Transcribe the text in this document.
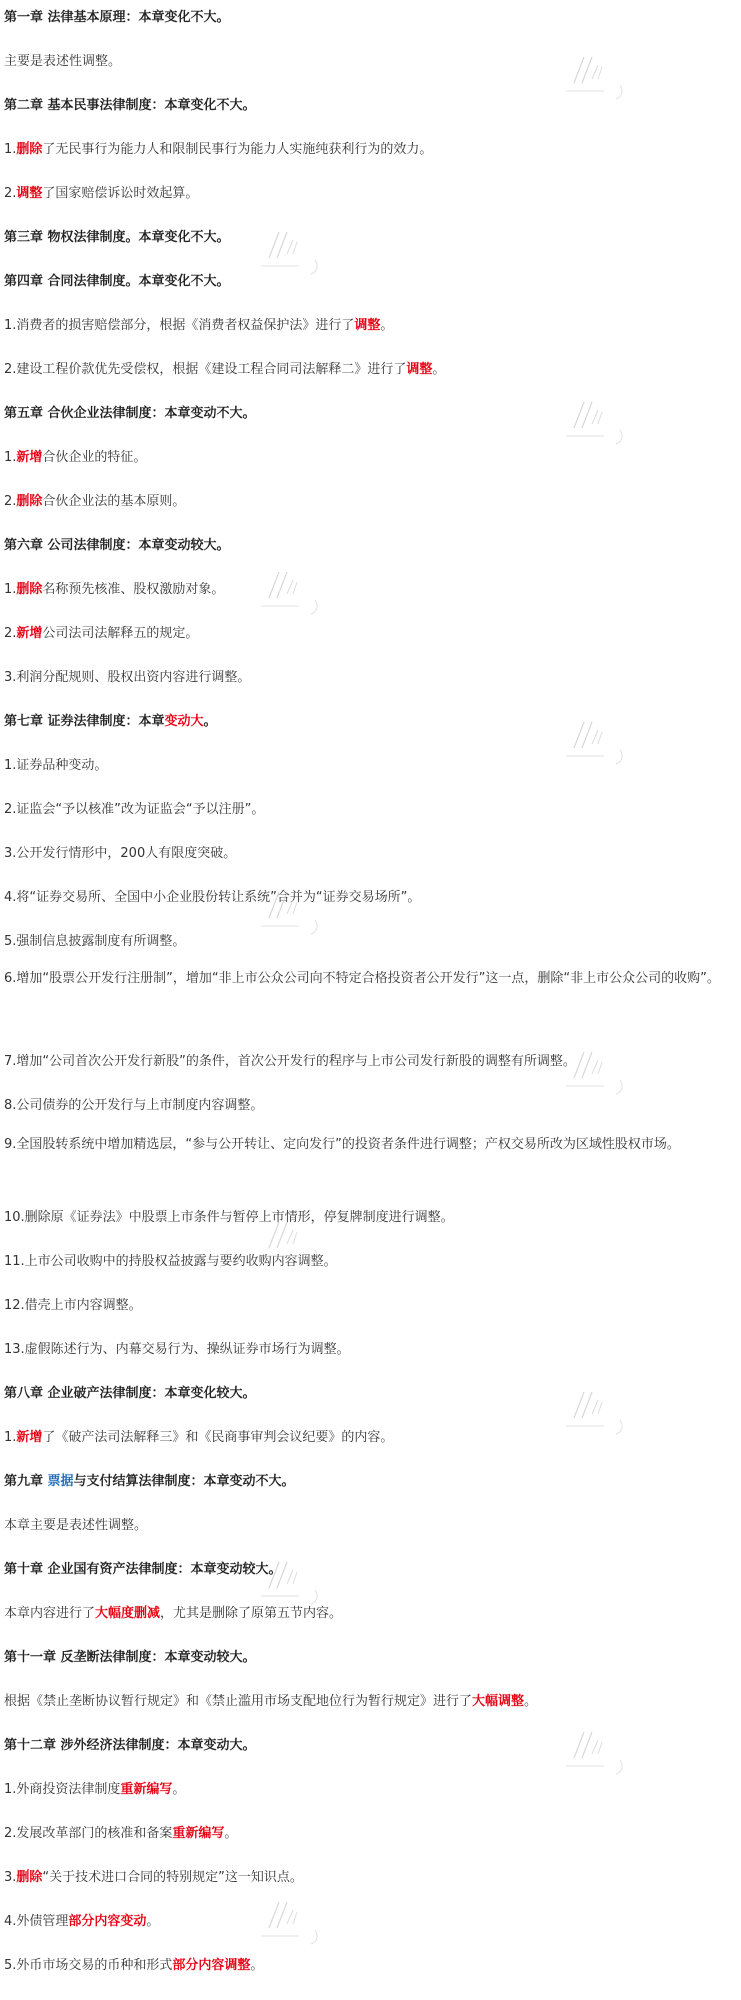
第一章 法律基本原理：本章变化不大。
主要是表述性调整。
第二章 基本民事法律制度：本章变化不大。
1.删除了无民事行为能力人和限制民事行为能力人实施纯获利行为的效力。
2.调整了国家赔偿诉讼时效起算。
第三章 物权法律制度。本章变化不大。
第四章 合同法律制度。本章变化不大。
1.消费者的损害赔偿部分，根据《消费者权益保护法》进行了调整。
2.建设工程价款优先受偿权，根据《建设工程合同司法解释二》进行了调整。
第五章 合伙企业法律制度：本章变动不大。
1.新增合伙企业的特征。
2.删除合伙企业法的基本原则。
第六章 公司法律制度：本章变动较大。
1.删除名称预先核准、股权激励对象。
2.新增公司法司法解释五的规定。
3.利润分配规则、股权出资内容进行调整。
第七章 证券法律制度：本章变动大。
1.证券品种变动。
2.证监会“予以核准”改为证监会“予以注册”。
3.公开发行情形中，200人有限度突破。
4.将“证券交易所、全国中小企业股份转让系统”合并为“证券交易场所”。
5.强制信息披露制度有所调整。
6.增加“股票公开发行注册制”，增加“非上市公众公司向不特定合格投资者公开发行”这一点，删除“非上市公众公司的收购”。
7.增加“公司首次公开发行新股”的条件，首次公开发行的程序与上市公司发行新股的调整有所调整。
8.公司债券的公开发行与上市制度内容调整。
9.全国股转系统中增加精选层，“参与公开转让、定向发行”的投资者条件进行调整；产权交易所改为区域性股权市场。
10.删除原《证券法》中股票上市条件与暂停上市情形，停复牌制度进行调整。
11.上市公司收购中的持股权益披露与要约收购内容调整。
12.借壳上市内容调整。
13.虚假陈述行为、内幕交易行为、操纵证券市场行为调整。
第八章 企业破产法律制度：本章变化较大。
1.新增了《破产法司法解释三》和《民商事审判会议纪要》的内容。
第九章 票据与支付结算法律制度：本章变动不大。
本章主要是表述性调整。
第十章 企业国有资产法律制度：本章变动较大。
本章内容进行了大幅度删减，尤其是删除了原第五节内容。
第十一章 反垄断法律制度：本章变动较大。
根据《禁止垄断协议暂行规定》和《禁止滥用市场支配地位行为暂行规定》进行了大幅调整。
第十二章 涉外经济法律制度：本章变动大。
1.外商投资法律制度重新编写。
2.发展改革部门的核准和备案重新编写。
3.删除“关于技术进口合同的特别规定”这一知识点。
4.外债管理部分内容变动。
5.外币市场交易的币种和形式部分内容调整。
